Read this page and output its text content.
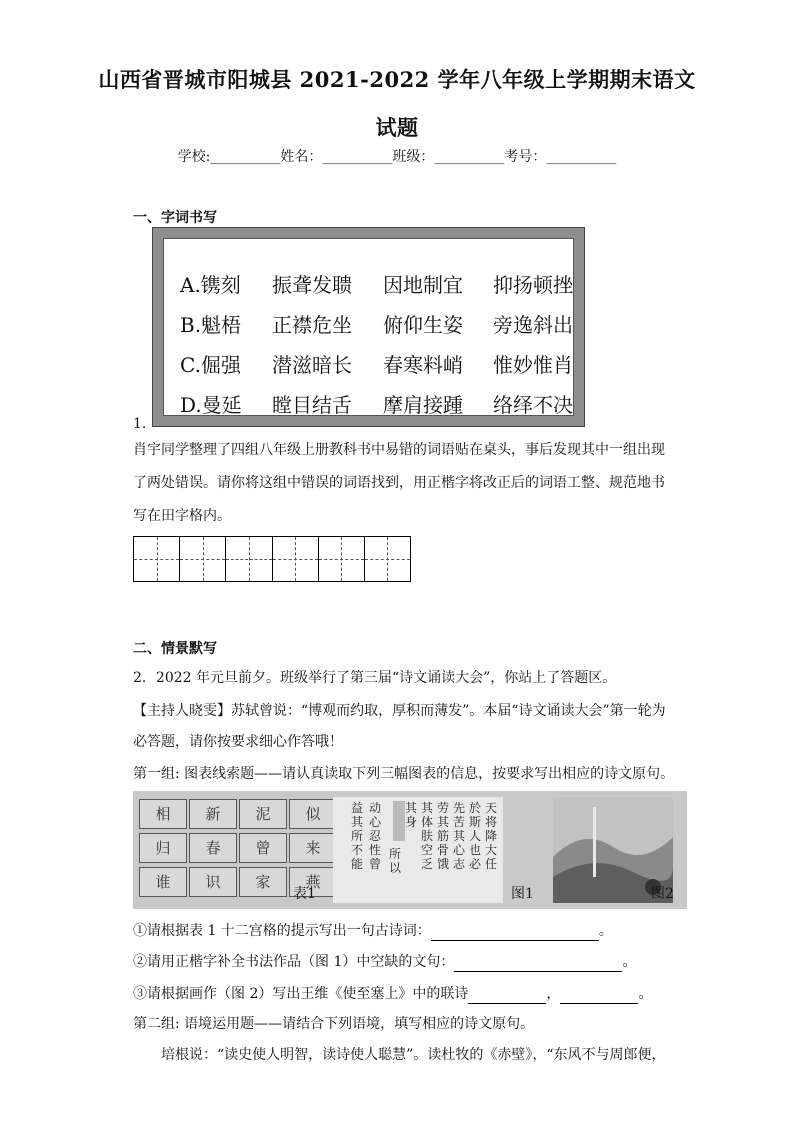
山西省晋城市阳城县 2021-2022 学年八年级上学期期末语文
试题
学校:__________姓名：__________班级：__________考号：__________
一、字词书写
A.镌刻 振聋发聩 因地制宜 抑扬顿挫
B.魁梧 正襟危坐 俯仰生姿 旁逸斜出
C.倔强 潜滋暗长 春寒料峭 惟妙惟肖
D.曼延 瞠目结舌 摩肩接踵 络绎不决
1.
肖宇同学整理了四组八年级上册教科书中易错的词语贴在桌头，事后发现其中一组出现
了两处错误。请你将这组中错误的词语找到，用正楷字将改正后的词语工整、规范地书
写在田字格内。
二、情景默写
2．2022 年元旦前夕。班级举行了第三届“诗文诵读大会”，你站上了答题区。
【主持人晓雯】苏轼曾说：“博观而约取，厚积而薄发”。本届“诗文诵读大会”第一轮为
必答题，请你按要求细心作答哦！
第一组: 图表线索题——请认真读取下列三幅图表的信息，按要求写出相应的诗文原句。
相	新	泥	似
归	春	曾	来
谁	识	家	燕
表1
天将降大任
於斯人也必
先苦其心志
劳其筋骨饿
其体肤空乏
其身
所以
动心忍性曾
益其所不能
图1	图2
①请根据表 1 十二宫格的提示写出一句古诗词：	。
②请用正楷字补全书法作品（图 1）中空缺的文句：	。
③请根据画作（图 2）写出王维《使至塞上》中的联诗	，	。
第二组: 语境运用题——请结合下列语境，填写相应的诗文原句。
培根说：“读史使人明智，读诗使人聪慧”。读杜牧的《赤壁》，“东风不与周郎便，
